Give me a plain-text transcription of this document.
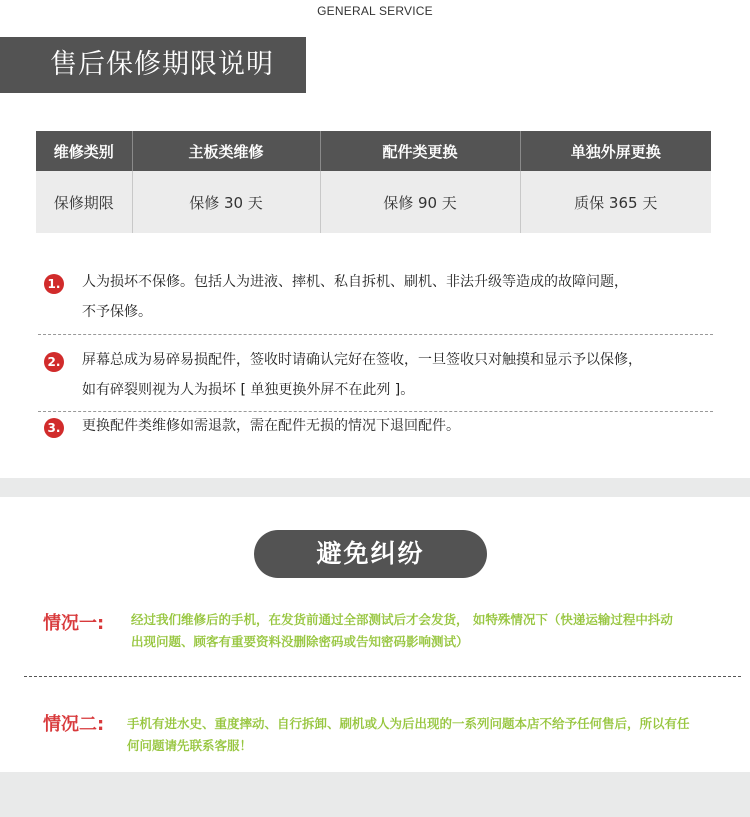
GENERAL SERVICE
售后保修期限说明
维修类别	主板类维修	配件类更换	单独外屏更换
保修期限	保修 30 天	保修 90 天	质保 365 天
1. 人为损坏不保修。包括人为进液、摔机、私自拆机、刷机、非法升级等造成的故障问题，
不予保修。
2. 屏幕总成为易碎易损配件，签收时请确认完好在签收，一旦签收只对触摸和显示予以保修，
如有碎裂则视为人为损坏 [ 单独更换外屏不在此列 ]。
3. 更换配件类维修如需退款，需在配件无损的情况下退回配件。
避免纠纷
情况一: 经过我们维修后的手机，在发货前通过全部测试后才会发货， 如特殊情况下（快递运输过程中抖动
出现问题、顾客有重要资料没删除密码或告知密码影响测试）
情况二: 手机有进水史、重度摔动、自行拆卸、刷机或人为后出现的一系列问题本店不给予任何售后，所以有任
何问题请先联系客服！
